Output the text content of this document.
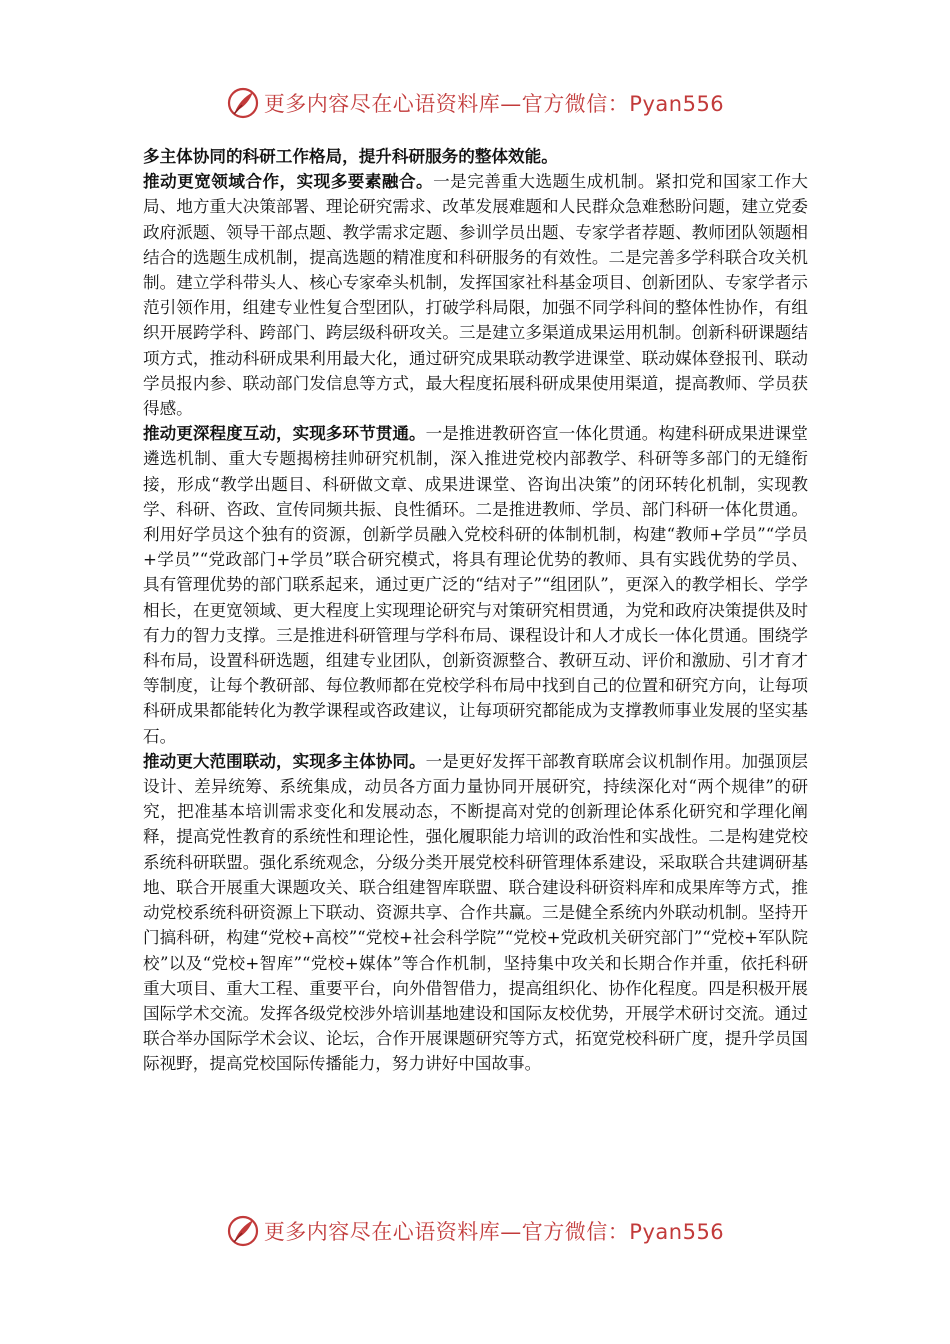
更多内容尽在心语资料库—官方微信：Pyan556

多主体协同的科研工作格局，提升科研服务的整体效能。

推动更宽领域合作，实现多要素融合。一是完善重大选题生成机制。紧扣党和国家工作大局、地方重大决策部署、理论研究需求、改革发展难题和人民群众急难愁盼问题，建立党委政府派题、领导干部点题、教学需求定题、参训学员出题、专家学者荐题、教师团队领题相结合的选题生成机制，提高选题的精准度和科研服务的有效性。二是完善多学科联合攻关机制。建立学科带头人、核心专家牵头机制，发挥国家社科基金项目、创新团队、专家学者示范引领作用，组建专业性复合型团队，打破学科局限，加强不同学科间的整体性协作，有组织开展跨学科、跨部门、跨层级科研攻关。三是建立多渠道成果运用机制。创新科研课题结项方式，推动科研成果利用最大化，通过研究成果联动教学进课堂、联动媒体登报刊、联动学员报内参、联动部门发信息等方式，最大程度拓展科研成果使用渠道，提高教师、学员获得感。

推动更深程度互动，实现多环节贯通。一是推进教研咨宣一体化贯通。构建科研成果进课堂遴选机制、重大专题揭榜挂帅研究机制，深入推进党校内部教学、科研等多部门的无缝衔接，形成“教学出题目、科研做文章、成果进课堂、咨询出决策”的闭环转化机制，实现教学、科研、咨政、宣传同频共振、良性循环。二是推进教师、学员、部门科研一体化贯通。利用好学员这个独有的资源，创新学员融入党校科研的体制机制，构建“教师+学员”“学员+学员”“党政部门+学员”联合研究模式，将具有理论优势的教师、具有实践优势的学员、具有管理优势的部门联系起来，通过更广泛的“结对子”“组团队”，更深入的教学相长、学学相长，在更宽领域、更大程度上实现理论研究与对策研究相贯通，为党和政府决策提供及时有力的智力支撑。三是推进科研管理与学科布局、课程设计和人才成长一体化贯通。围绕学科布局，设置科研选题，组建专业团队，创新资源整合、教研互动、评价和激励、引才育才等制度，让每个教研部、每位教师都在党校学科布局中找到自己的位置和研究方向，让每项科研成果都能转化为教学课程或咨政建议，让每项研究都能成为支撑教师事业发展的坚实基石。

推动更大范围联动，实现多主体协同。一是更好发挥干部教育联席会议机制作用。加强顶层设计、差异统筹、系统集成，动员各方面力量协同开展研究，持续深化对“两个规律”的研究，把准基本培训需求变化和发展动态，不断提高对党的创新理论体系化研究和学理化阐释，提高党性教育的系统性和理论性，强化履职能力培训的政治性和实战性。二是构建党校系统科研联盟。强化系统观念，分级分类开展党校科研管理体系建设，采取联合共建调研基地、联合开展重大课题攻关、联合组建智库联盟、联合建设科研资料库和成果库等方式，推动党校系统科研资源上下联动、资源共享、合作共赢。三是健全系统内外联动机制。坚持开门搞科研，构建“党校+高校”“党校+社会科学院”“党校+党政机关研究部门”“党校+军队院校”以及“党校+智库”“党校+媒体”等合作机制，坚持集中攻关和长期合作并重，依托科研重大项目、重大工程、重要平台，向外借智借力，提高组织化、协作化程度。四是积极开展国际学术交流。发挥各级党校涉外培训基地建设和国际友校优势，开展学术研讨交流。通过联合举办国际学术会议、论坛，合作开展课题研究等方式，拓宽党校科研广度，提升学员国际视野，提高党校国际传播能力，努力讲好中国故事。

更多内容尽在心语资料库—官方微信：Pyan556
